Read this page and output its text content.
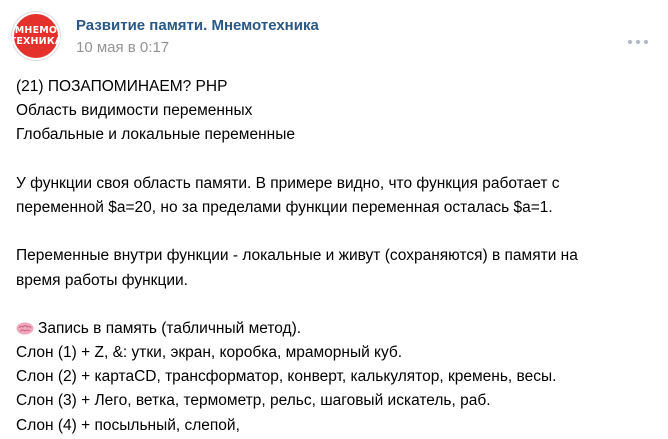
МНЕМО
ТЕХНИКА
Развитие памяти. Мнемотехника
10 мая в 0:17
(21) ПОЗАПОМИНАЕМ? PHP
Область видимости переменных
Глобальные и локальные переменные
У функции своя область памяти. В примере видно, что функция работает с
переменной $a=20, но за пределами функции переменная осталась $a=1.
Переменные внутри функции - локальные и живут (сохраняются) в памяти на
время работы функции.
Запись в память (табличный метод).
Слон (1) + Z, &: утки, экран, коробка, мраморный куб.
Слон (2) + картаCD, трансформатор, конверт, калькулятор, кремень, весы.
Слон (3) + Лего, ветка, термометр, рельс, шаговый искатель, раб.
Слон (4) + посыльный, слепой,
